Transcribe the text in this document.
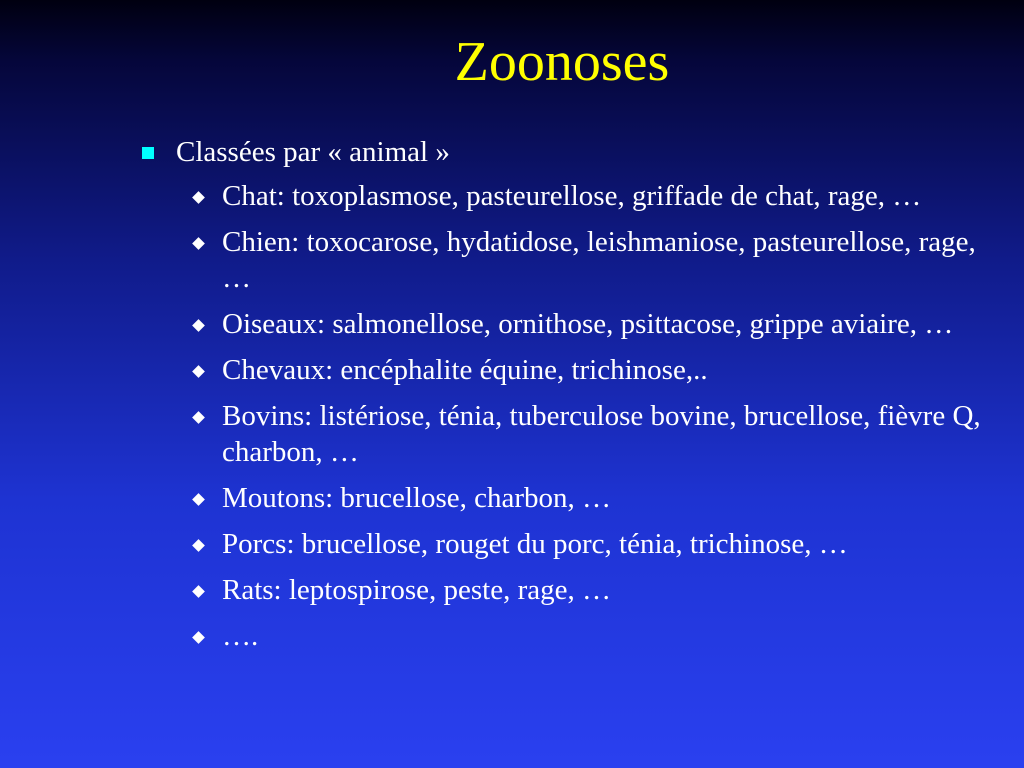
Zoonoses
Classées par « animal »
Chat: toxoplasmose, pasteurellose, griffade de chat, rage, …
Chien: toxocarose, hydatidose, leishmaniose, pasteurellose, rage, …
Oiseaux: salmonellose, ornithose, psittacose, grippe aviaire, …
Chevaux: encéphalite équine, trichinose,..
Bovins: listériose, ténia, tuberculose bovine, brucellose, fièvre Q, charbon, …
Moutons: brucellose, charbon, …
Porcs: brucellose, rouget du porc, ténia, trichinose, …
Rats: leptospirose, peste, rage, …
….
